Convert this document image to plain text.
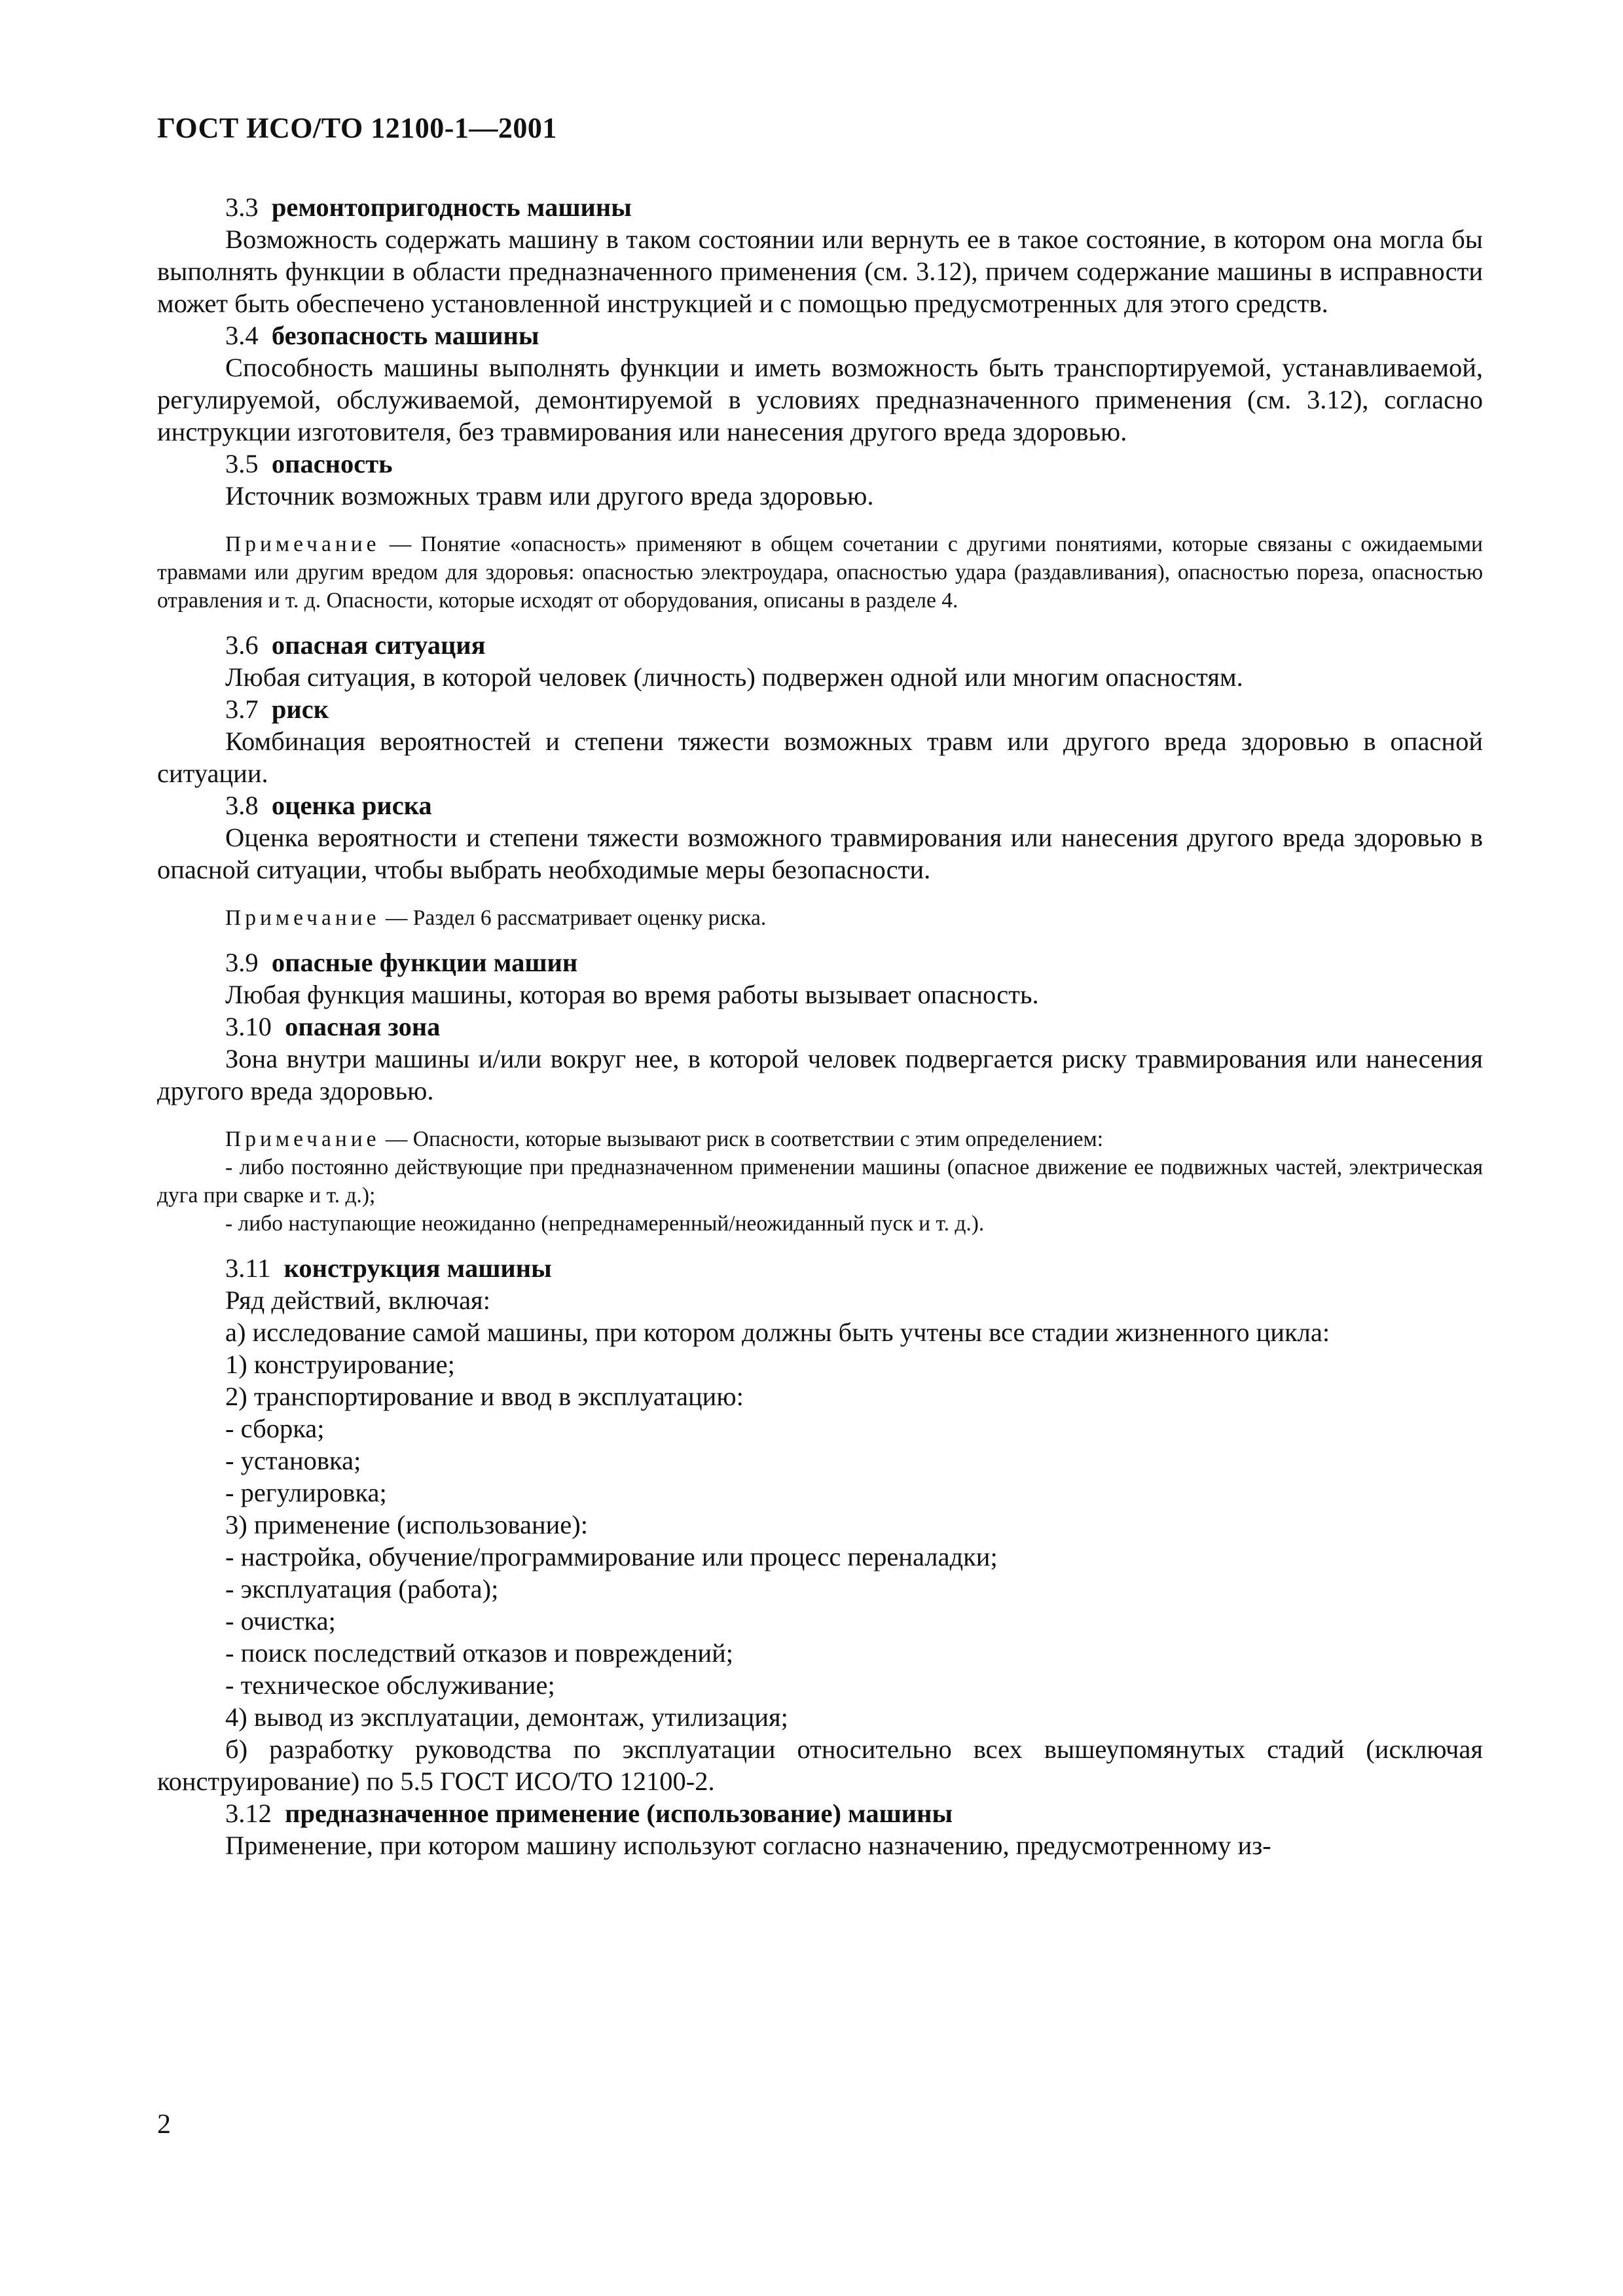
ГОСТ ИСО/ТО 12100-1—2001

3.3 ремонтопригодность машины

Возможность содержать машину в таком состоянии или вернуть ее в такое состояние, в котором она могла бы выполнять функции в области предназначенного применения (см. 3.12), причем содержание машины в исправности может быть обеспечено установленной инструкцией и с помощью предусмотренных для этого средств.

3.4 безопасность машины

Способность машины выполнять функции и иметь возможность быть транспортируемой, устанавливаемой, регулируемой, обслуживаемой, демонтируемой в условиях предназначенного применения (см. 3.12), согласно инструкции изготовителя, без травмирования или нанесения другого вреда здоровью.

3.5 опасность

Источник возможных травм или другого вреда здоровью.

Примечание — Понятие «опасность» применяют в общем сочетании с другими понятиями, которые связаны с ожидаемыми травмами или другим вредом для здоровья: опасностью электроудара, опасностью удара (раздавливания), опасностью пореза, опасностью отравления и т. д. Опасности, которые исходят от оборудования, описаны в разделе 4.

3.6 опасная ситуация

Любая ситуация, в которой человек (личность) подвержен одной или многим опасностям.

3.7 риск

Комбинация вероятностей и степени тяжести возможных травм или другого вреда здоровью в опасной ситуации.

3.8 оценка риска

Оценка вероятности и степени тяжести возможного травмирования или нанесения другого вреда здоровью в опасной ситуации, чтобы выбрать необходимые меры безопасности.

Примечание — Раздел 6 рассматривает оценку риска.

3.9 опасные функции машин

Любая функция машины, которая во время работы вызывает опасность.

3.10 опасная зона

Зона внутри машины и/или вокруг нее, в которой человек подвергается риску травмирования или нанесения другого вреда здоровью.

Примечание — Опасности, которые вызывают риск в соответствии с этим определением:

- либо постоянно действующие при предназначенном применении машины (опасное движение ее подвижных частей, электрическая дуга при сварке и т. д.);

- либо наступающие неожиданно (непреднамеренный/неожиданный пуск и т. д.).

3.11 конструкция машины

Ряд действий, включая:

а) исследование самой машины, при котором должны быть учтены все стадии жизненного цикла:

1) конструирование;

2) транспортирование и ввод в эксплуатацию:

- сборка;

- установка;

- регулировка;

3) применение (использование):

- настройка, обучение/программирование или процесс переналадки;

- эксплуатация (работа);

- очистка;

- поиск последствий отказов и повреждений;

- техническое обслуживание;

4) вывод из эксплуатации, демонтаж, утилизация;

б) разработку руководства по эксплуатации относительно всех вышеупомянутых стадий (исключая конструирование) по 5.5 ГОСТ ИСО/ТО 12100-2.

3.12 предназначенное применение (использование) машины

Применение, при котором машину используют согласно назначению, предусмотренному из-

2
